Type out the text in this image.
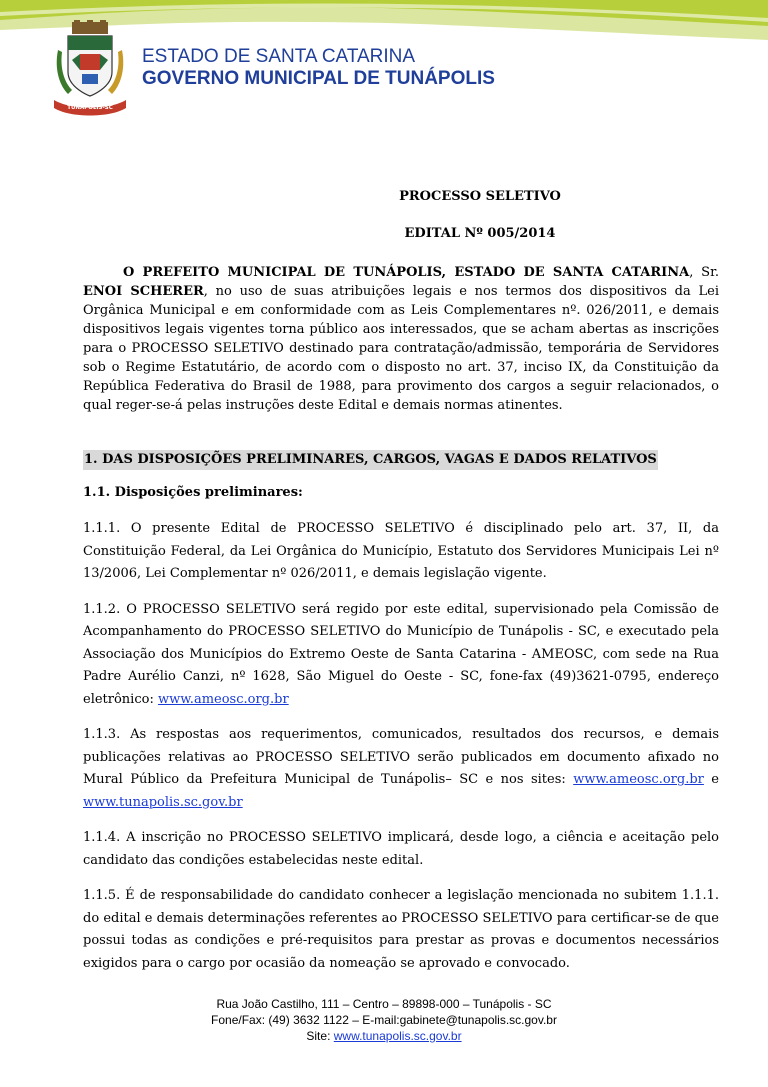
TUNÁPOLIS-SC
ESTADO DE SANTA CATARINA
GOVERNO MUNICIPAL DE TUNÁPOLIS

PROCESSO SELETIVO

EDITAL Nº 005/2014

O PREFEITO MUNICIPAL DE TUNÁPOLIS, ESTADO DE SANTA CATARINA, Sr. ENOI SCHERER, no uso de suas atribuições legais e nos termos dos dispositivos da Lei Orgânica Municipal e em conformidade com as Leis Complementares nº. 026/2011, e demais dispositivos legais vigentes torna público aos interessados, que se acham abertas as inscrições para o PROCESSO SELETIVO destinado para contratação/admissão, temporária de Servidores sob o Regime Estatutário, de acordo com o disposto no art. 37, inciso IX, da Constituição da República Federativa do Brasil de 1988, para provimento dos cargos a seguir relacionados, o qual reger-se-á pelas instruções deste Edital e demais normas atinentes.

1. DAS DISPOSIÇÕES PRELIMINARES, CARGOS, VAGAS E DADOS RELATIVOS

1.1. Disposições preliminares:

1.1.1. O presente Edital de PROCESSO SELETIVO é disciplinado pelo art. 37, II, da Constituição Federal, da Lei Orgânica do Município, Estatuto dos Servidores Municipais Lei nº 13/2006, Lei Complementar nº 026/2011, e demais legislação vigente.

1.1.2. O PROCESSO SELETIVO será regido por este edital, supervisionado pela Comissão de Acompanhamento do PROCESSO SELETIVO do Município de Tunápolis - SC, e executado pela Associação dos Municípios do Extremo Oeste de Santa Catarina - AMEOSC, com sede na Rua Padre Aurélio Canzi, nº 1628, São Miguel do Oeste - SC, fone-fax (49)3621-0795, endereço eletrônico: www.ameosc.org.br

1.1.3. As respostas aos requerimentos, comunicados, resultados dos recursos, e demais publicações relativas ao PROCESSO SELETIVO serão publicados em documento afixado no Mural Público da Prefeitura Municipal de Tunápolis– SC e nos sites: www.ameosc.org.br e www.tunapolis.sc.gov.br

1.1.4. A inscrição no PROCESSO SELETIVO implicará, desde logo, a ciência e aceitação pelo candidato das condições estabelecidas neste edital.

1.1.5. É de responsabilidade do candidato conhecer a legislação mencionada no subitem 1.1.1. do edital e demais determinações referentes ao PROCESSO SELETIVO para certificar-se de que possui todas as condições e pré-requisitos para prestar as provas e documentos necessários exigidos para o cargo por ocasião da nomeação se aprovado e convocado.

Rua João Castilho, 111 – Centro – 89898-000 – Tunápolis - SC
Fone/Fax: (49) 3632 1122 – E-mail:gabinete@tunapolis.sc.gov.br
Site: www.tunapolis.sc.gov.br
